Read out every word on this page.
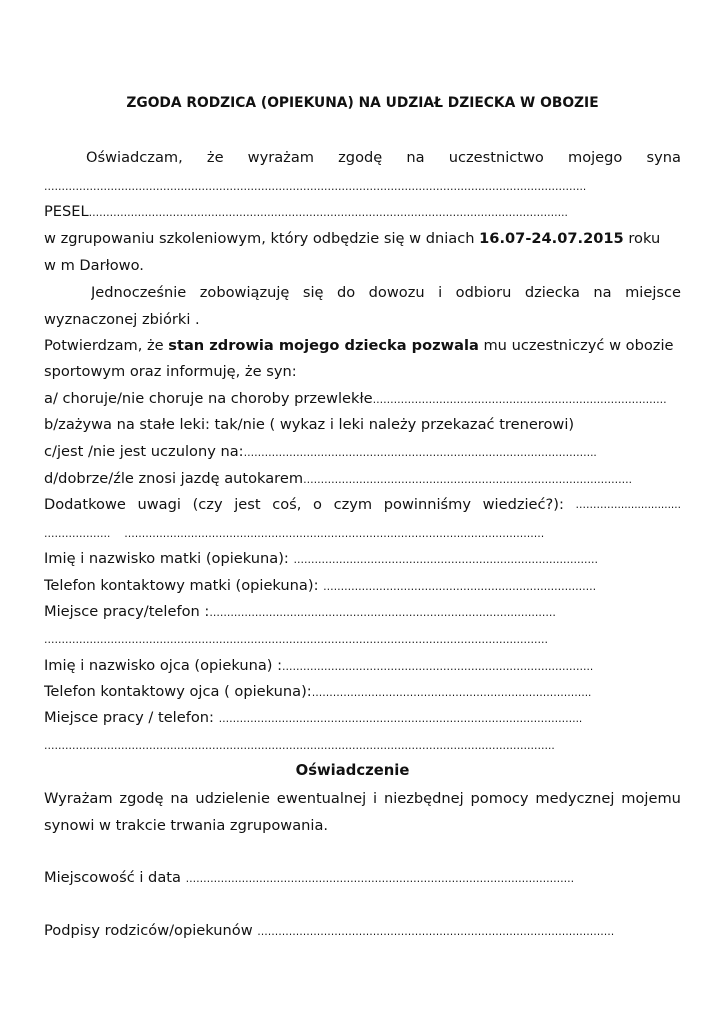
ZGODA RODZICA (OPIEKUNA) NA UDZIAŁ DZIECKA W OBOZIE
Oświadczam, że wyrażam zgodę na uczestnictwo mojego syna
………………………………………………………………………………………………………………………………………..
PESEL………………………………………………………………………………………………………………………..
w zgrupowaniu szkoleniowym, który odbędzie się w dniach 16.07-24.07.2015 roku
w m Darłowo.
Jednocześnie zobowiązuję się do dowozu i odbioru dziecka na miejsce
wyznaczonej zbiórki .
Potwierdzam, że stan zdrowia mojego dziecka pozwala mu uczestniczyć w obozie
sportowym oraz informuję, że syn:
a/ choruje/nie choruje na choroby przewlekłe…………………………………………………………………………
b/zażywa na stałe leki: tak/nie ( wykaz i leki należy przekazać trenerowi)
c/jest /nie jest uczulony na:………………………………………………………………………………………..
d/dobrze/źle znosi jazdę autokarem………………………………………………………………………………….
Dodatkowe uwagi (czy jest coś, o czym powinniśmy wiedzieć?): …………...................
………………. …………………………………………………………………………………………………………
Imię i nazwisko matki (opiekuna): ……………………………………………………………………………
Telefon kontaktowy matki (opiekuna): ……………………………………………………………………
Miejsce pracy/telefon :………………………………………………………………………………………
………………………………………………………………………………………………………………………………
Imię i nazwisko ojca (opiekuna) :……………………………………………………………………………..
Telefon kontaktowy ojca ( opiekuna):……………………………………………………………………..
Miejsce pracy / telefon: …………………………………………………………………………………………..
………………………………………………………………………………………………………………………………..
Oświadczenie
Wyrażam zgodę na udzielenie ewentualnej i niezbędnej pomocy medycznej mojemu
synowi w trakcie trwania zgrupowania.
Miejscowość i data …………………………………………………………………………………………………
Podpisy rodziców/opiekunów …………………………………………………………………………………………
